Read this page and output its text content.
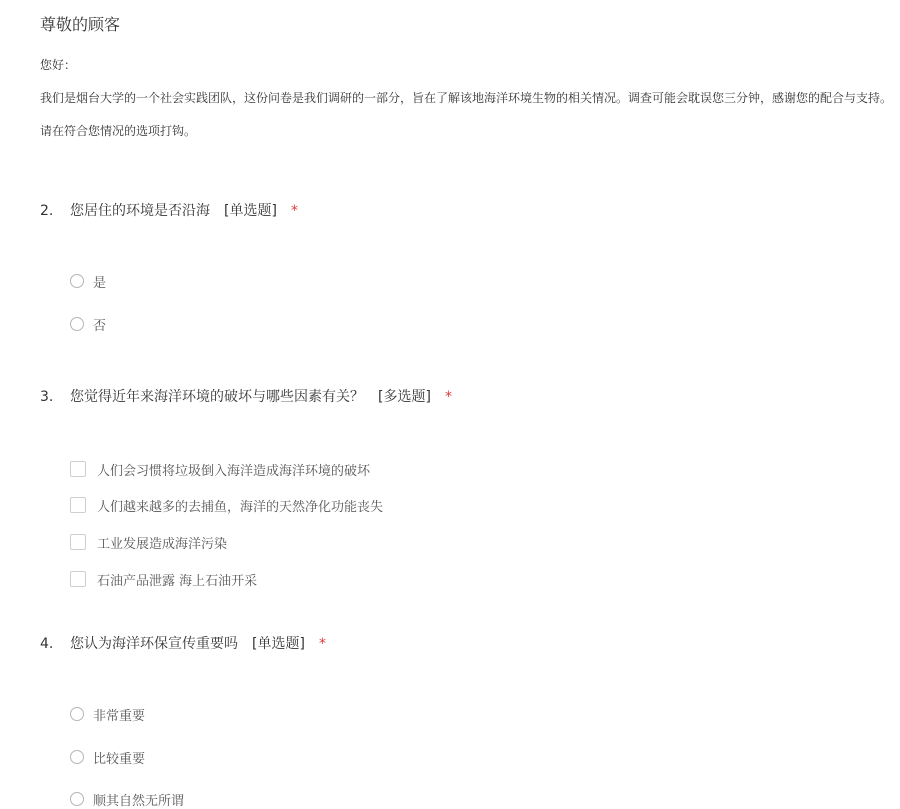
尊敬的顾客
您好：
我们是烟台大学的一个社会实践团队，这份问卷是我们调研的一部分，旨在了解该地海洋环境生物的相关情况。调查可能会耽误您三分钟，感谢您的配合与支持。
请在符合您情况的选项打钩。
2. 您居住的环境是否沿海 [单选题] *
是
否
3. 您觉得近年来海洋环境的破坏与哪些因素有关？ [多选题] *
人们会习惯将垃圾倒入海洋造成海洋环境的破坏
人们越来越多的去捕鱼，海洋的天然净化功能丧失
工业发展造成海洋污染
石油产品泄露 海上石油开采
4. 您认为海洋环保宣传重要吗 [单选题] *
非常重要
比较重要
顺其自然无所谓
